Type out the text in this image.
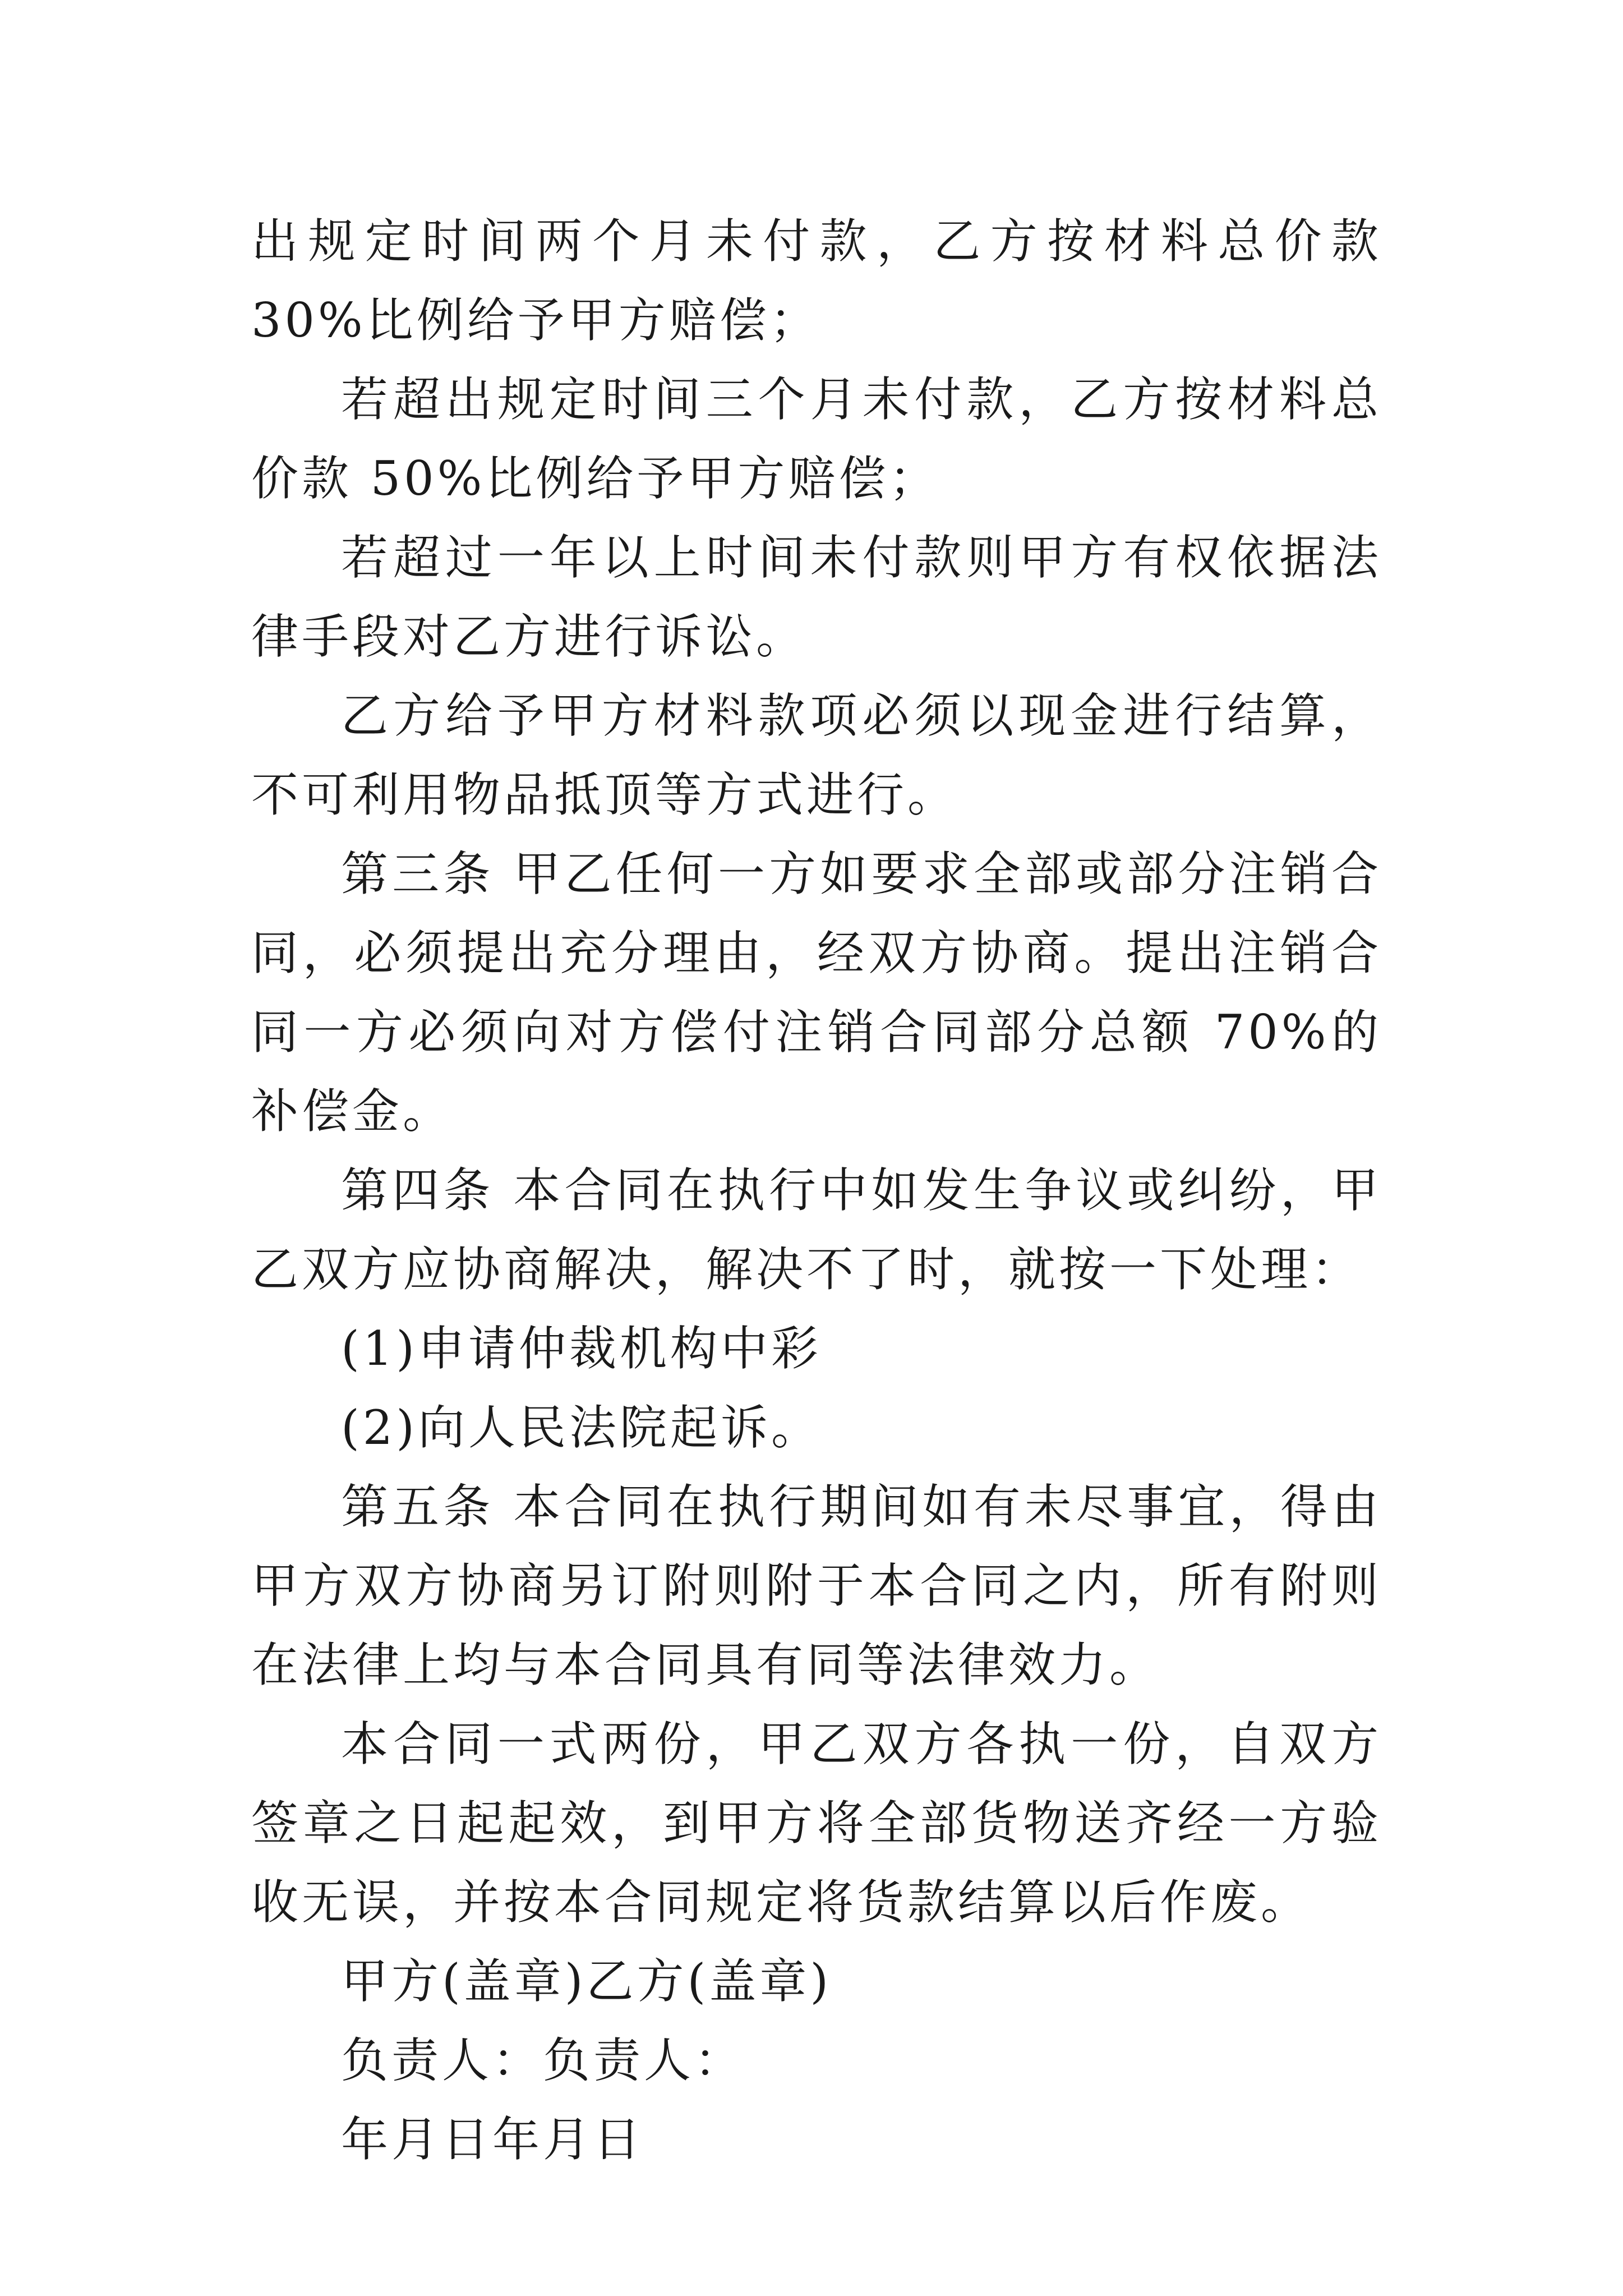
出规定时间两个月未付款，乙方按材料总价款 30%比例给予甲方赔偿；

若超出规定时间三个月未付款，乙方按材料总价款 50%比例给予甲方赔偿；

若超过一年以上时间未付款则甲方有权依据法律手段对乙方进行诉讼。

乙方给予甲方材料款项必须以现金进行结算，不可利用物品抵顶等方式进行。

第三条 甲乙任何一方如要求全部或部分注销合同，必须提出充分理由，经双方协商。提出注销合同一方必须向对方偿付注销合同部分总额 70%的补偿金。

第四条 本合同在执行中如发生争议或纠纷，甲乙双方应协商解决，解决不了时，就按一下处理：

(1)申请仲裁机构中彩

(2)向人民法院起诉。

第五条 本合同在执行期间如有未尽事宜，得由甲方双方协商另订附则附于本合同之内，所有附则在法律上均与本合同具有同等法律效力。

本合同一式两份，甲乙双方各执一份，自双方签章之日起起效，到甲方将全部货物送齐经一方验收无误，并按本合同规定将货款结算以后作废。

甲方(盖章)乙方(盖章)

负责人：负责人：

年月日年月日
